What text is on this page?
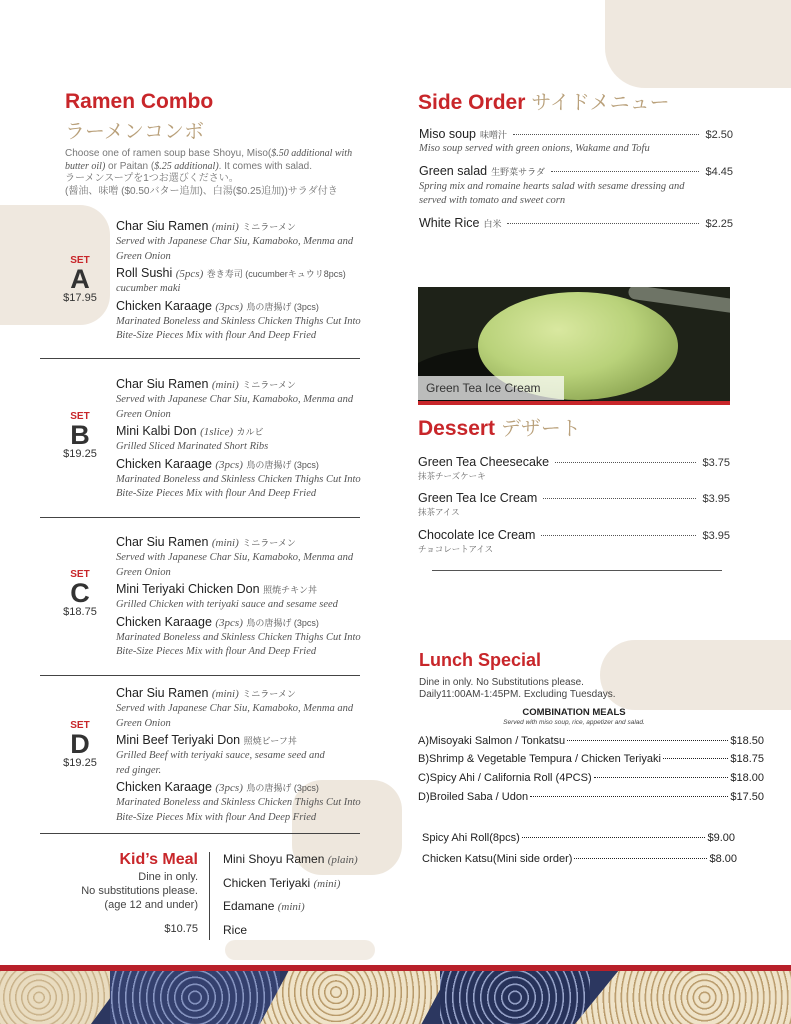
Ramen Combo
ラーメンコンボ
Choose one of ramen soup base Shoyu, Miso($.50 additional with butter oil) or Paitan ($.25 additional). It comes with salad.
ラーメンスープを1つお選びください。
(醤油、味噌 ($0.50バター追加)、白湯($0.25追加))サラダ付き
SET
A
$17.95
Char Siu Ramen (mini) ミニラーメン
Served with Japanese Char Siu, Kamaboko, Menma and Green Onion
Roll Sushi (5pcs) 巻き寿司 (cucumberキュウリ8pcs)
cucumber maki
Chicken Karaage (3pcs) 鳥の唐揚げ (3pcs)
Marinated Boneless and Skinless Chicken Thighs Cut Into Bite-Size Pieces Mix with flour And Deep Fried
SET
B
$19.25
Char Siu Ramen (mini) ミニラーメン
Served with Japanese Char Siu, Kamaboko, Menma and Green Onion
Mini Kalbi Don (1slice) カルビ
Grilled Sliced Marinated Short Ribs
Chicken Karaage (3pcs) 鳥の唐揚げ (3pcs)
Marinated Boneless and Skinless Chicken Thighs Cut Into Bite-Size Pieces Mix with flour And Deep Fried
SET
C
$18.75
Char Siu Ramen (mini) ミニラーメン
Served with Japanese Char Siu, Kamaboko, Menma and Green Onion
Mini Teriyaki Chicken Don 照焼チキン丼
Grilled Chicken with teriyaki sauce and sesame seed
Chicken Karaage (3pcs) 鳥の唐揚げ (3pcs)
Marinated Boneless and Skinless Chicken Thighs Cut Into Bite-Size Pieces Mix with flour And Deep Fried
SET
D
$19.25
Char Siu Ramen (mini) ミニラーメン
Served with Japanese Char Siu, Kamaboko, Menma and Green Onion
Mini Beef Teriyaki Don 照焼ビーフ丼
Grilled Beef with teriyaki sauce, sesame seed and red ginger.
Chicken Karaage (3pcs) 鳥の唐揚げ (3pcs)
Marinated Boneless and Skinless Chicken Thighs Cut Into Bite-Size Pieces Mix with flour And Deep Fried
Kid’s Meal
Dine in only.
No substitutions please.
(age 12 and under)
$10.75
Mini Shoyu Ramen (plain)
Chicken Teriyaki (mini)
Edamane (mini)
Rice
Side Order サイドメニュー
Miso soup 味噌汁	$2.50
Miso soup served with green onions, Wakame and Tofu
Green salad 生野菜サラダ	$4.45
Spring mix and romaine hearts salad with sesame dressing and served with tomato and sweet corn
White Rice 白米	$2.25
Green Tea Ice Cream
Dessert デザート
Green Tea Cheesecake	$3.75
抹茶チーズケーキ
Green Tea Ice Cream	$3.95
抹茶アイス
Chocolate Ice Cream	$3.95
チョコレートアイス
Lunch Special
Dine in only. No Substitutions please.
Daily11:00AM-1:45PM. Excluding Tuesdays.
COMBINATION MEALS
Served with miso soup, rice, appetizer and salad.
A)Misoyaki Salmon / Tonkatsu	$18.50
B)Shrimp & Vegetable Tempura / Chicken Teriyaki	$18.75
C)Spicy Ahi / California Roll (4PCS)	$18.00
D)Broiled Saba / Udon	$17.50
Spicy Ahi Roll(8pcs)	$9.00
Chicken Katsu(Mini side order)	$8.00
